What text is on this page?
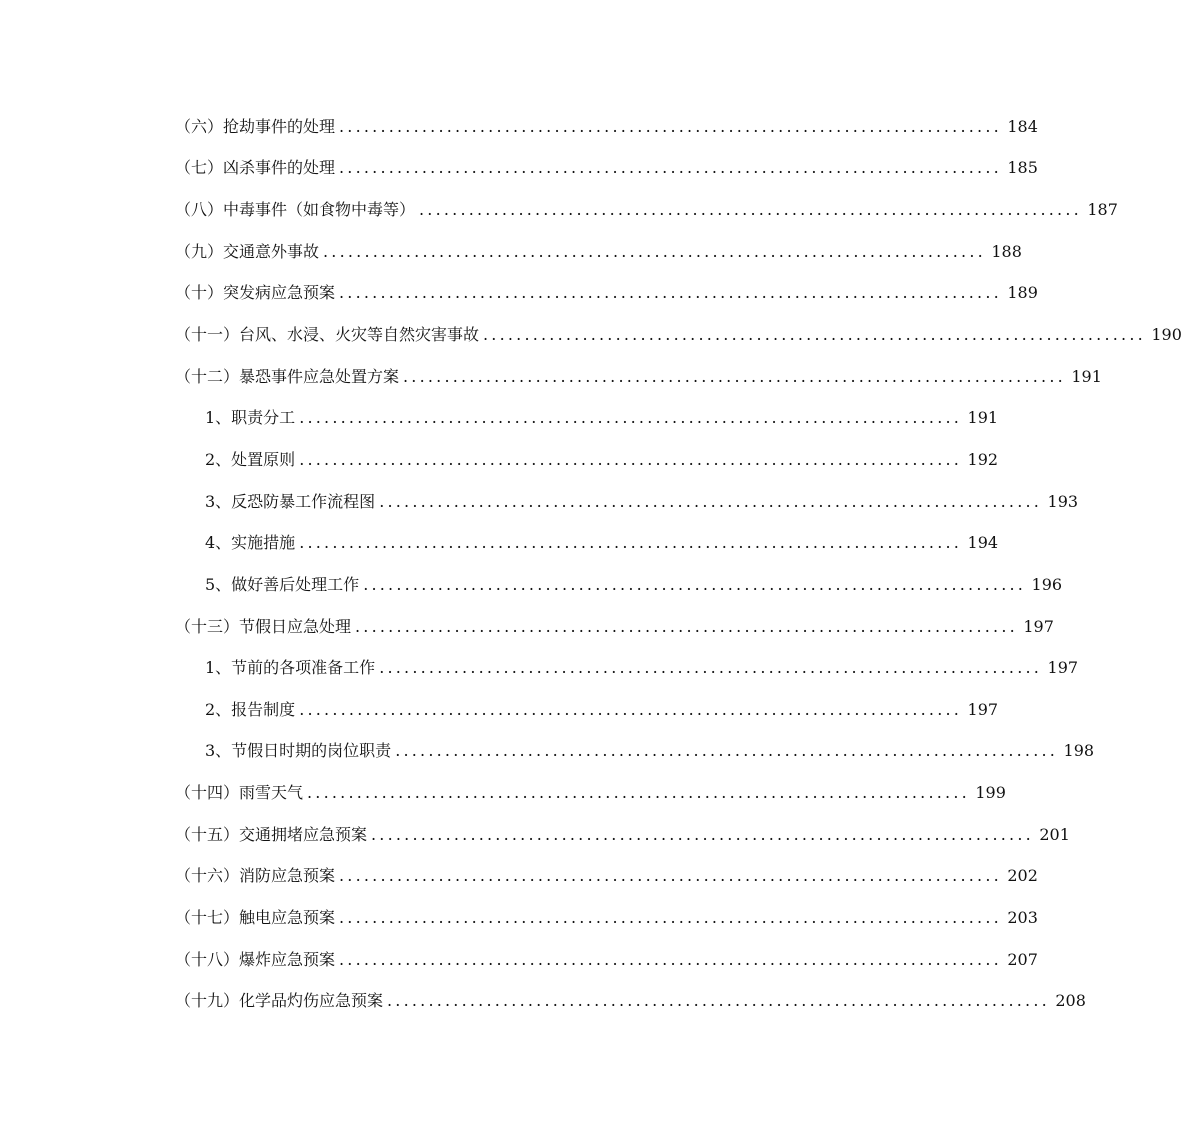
（六）抢劫事件的处理 ................................................................................ 184
（七）凶杀事件的处理 ................................................................................ 185
（八）中毒事件（如食物中毒等） ................................................................................ 187
（九）交通意外事故 ................................................................................ 188
（十）突发病应急预案 ................................................................................ 189
（十一）台风、水浸、火灾等自然灾害事故 ................................................................................ 190
（十二）暴恐事件应急处置方案 ................................................................................ 191
1、职责分工 ................................................................................ 191
2、处置原则 ................................................................................ 192
3、反恐防暴工作流程图 ................................................................................ 193
4、实施措施 ................................................................................ 194
5、做好善后处理工作 ................................................................................ 196
（十三）节假日应急处理 ................................................................................ 197
1、节前的各项准备工作 ................................................................................ 197
2、报告制度 ................................................................................ 197
3、节假日时期的岗位职责 ................................................................................ 198
（十四）雨雪天气 ................................................................................ 199
（十五）交通拥堵应急预案 ................................................................................ 201
（十六）消防应急预案 ................................................................................ 202
（十七）触电应急预案 ................................................................................ 203
（十八）爆炸应急预案 ................................................................................ 207
（十九）化学品灼伤应急预案 ................................................................................ 208
